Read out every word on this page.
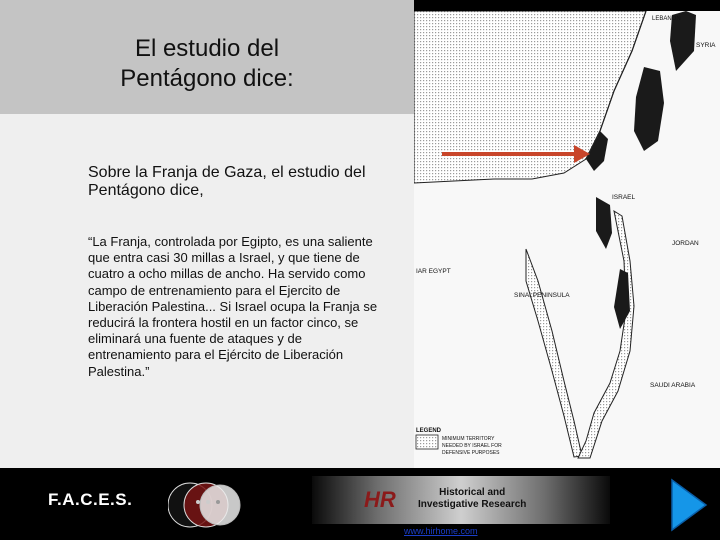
El estudio del
Pentágono dice:
Sobre la Franja de Gaza, el estudio del Pentágono dice,
“La Franja, controlada por Egipto, es una saliente que entra casi 30 millas a Israel, y que tiene de cuatro a ocho millas de ancho. Ha servido como campo de entrenamiento para el Ejercito de Liberación Palestina... Si Israel ocupa la Franja se reducirá la frontera hostil en un factor cinco, se eliminará una fuente de ataques y de entrenamiento para el Ejército de Liberación Palestina.”
LEBANON
SYRIA
ISRAEL
JORDAN
IAR EGYPT
SINAI PENINSULA
SAUDI ARABIA
LEGEND
MINIMUM TERRITORY
NEEDED BY ISRAEL FOR
DEFENSIVE PURPOSES
F.A.C.E.S.	HR	Historical and
Investigative Research
www.hirhome.com
